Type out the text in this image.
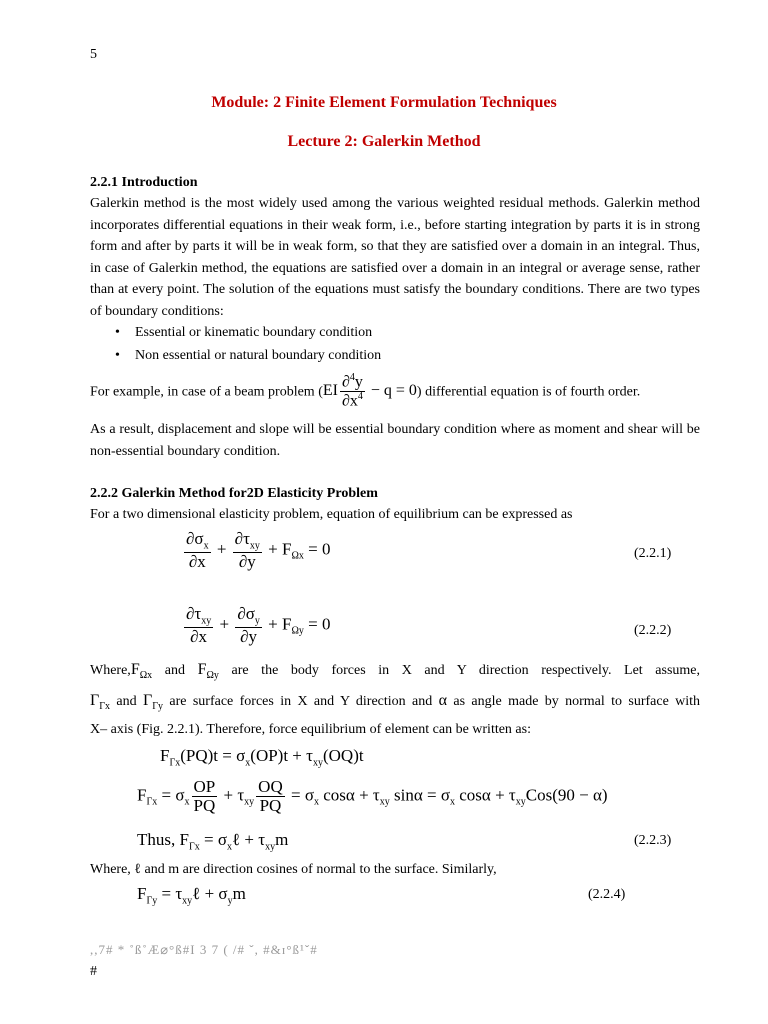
5
Module: 2 Finite Element Formulation Techniques
Lecture 2: Galerkin Method
2.2.1 Introduction
Galerkin method is the most widely used among the various weighted residual methods. Galerkin method incorporates differential equations in their weak form, i.e., before starting integration by parts it is in strong form and after by parts it will be in weak form, so that they are satisfied over a domain in an integral. Thus, in case of Galerkin method, the equations are satisfied over a domain in an integral or average sense, rather than at every point. The solution of the equations must satisfy the boundary conditions. There are two types of boundary conditions:
• Essential or kinematic boundary condition
• Non essential or natural boundary condition
For example, in case of a beam problem $(EI \frac{\partial^4y}{\partial x^4} - q = 0)$ differential equation is of fourth order.
As a result, displacement and slope will be essential boundary condition where as moment and shear will be non-essential boundary condition.
2.2.2 Galerkin Method for2D Elasticity Problem
For a two dimensional elasticity problem, equation of equilibrium can be expressed as
$\frac{\partial\sigma_x}{\partial x} + \frac{\partial\tau_{xy}}{\partial y} + F_{\Omega x} = 0$	(2.2.1)
$\frac{\partial\tau_{xy}}{\partial x} + \frac{\partial\sigma_y}{\partial y} + F_{\Omega y} = 0$	(2.2.2)
$Where,F_{\Omega x}$ and $F_{\Omega y}$ are the body forces in X and Y direction respectively. Let assume,
$\Gamma_{\Gamma x}$ and $\Gamma_{\Gamma y}$ are surface forces in X and Y direction and α as angle made by normal to surface with
X– axis (Fig. 2.2.1). Therefore, force equilibrium of element can be written as:
$F_{\Gamma x}(PQ)t = \sigma_x(OP)t + \tau_{xy}(OQ)t$
$F_{\Gamma x} = \sigma_x \frac{OP}{PQ} + \tau_{xy} \frac{OQ}{PQ} = \sigma_x$ $\cos\alpha + \tau_{xy}$ $\sin\alpha = \sigma_x$ $\cos\alpha + \tau_{xy}Cos(90 - \alpha)$
Thus, $F_{\Gamma x}$ = $\sigma_x\ell + \tau_{xy}m$	(2.2.3)
Where, ℓ and m are direction cosines of normal to the surface. Similarly,
$F_{\Gamma y}$ = $\tau_{xy}\ell + \sigma_ym$	(2.2.4)
,,7# * ˚ß˚Æ⌀°ß#I 3 7 ( /# ˇ, #&ɪ°ß¹ˇ#
#
